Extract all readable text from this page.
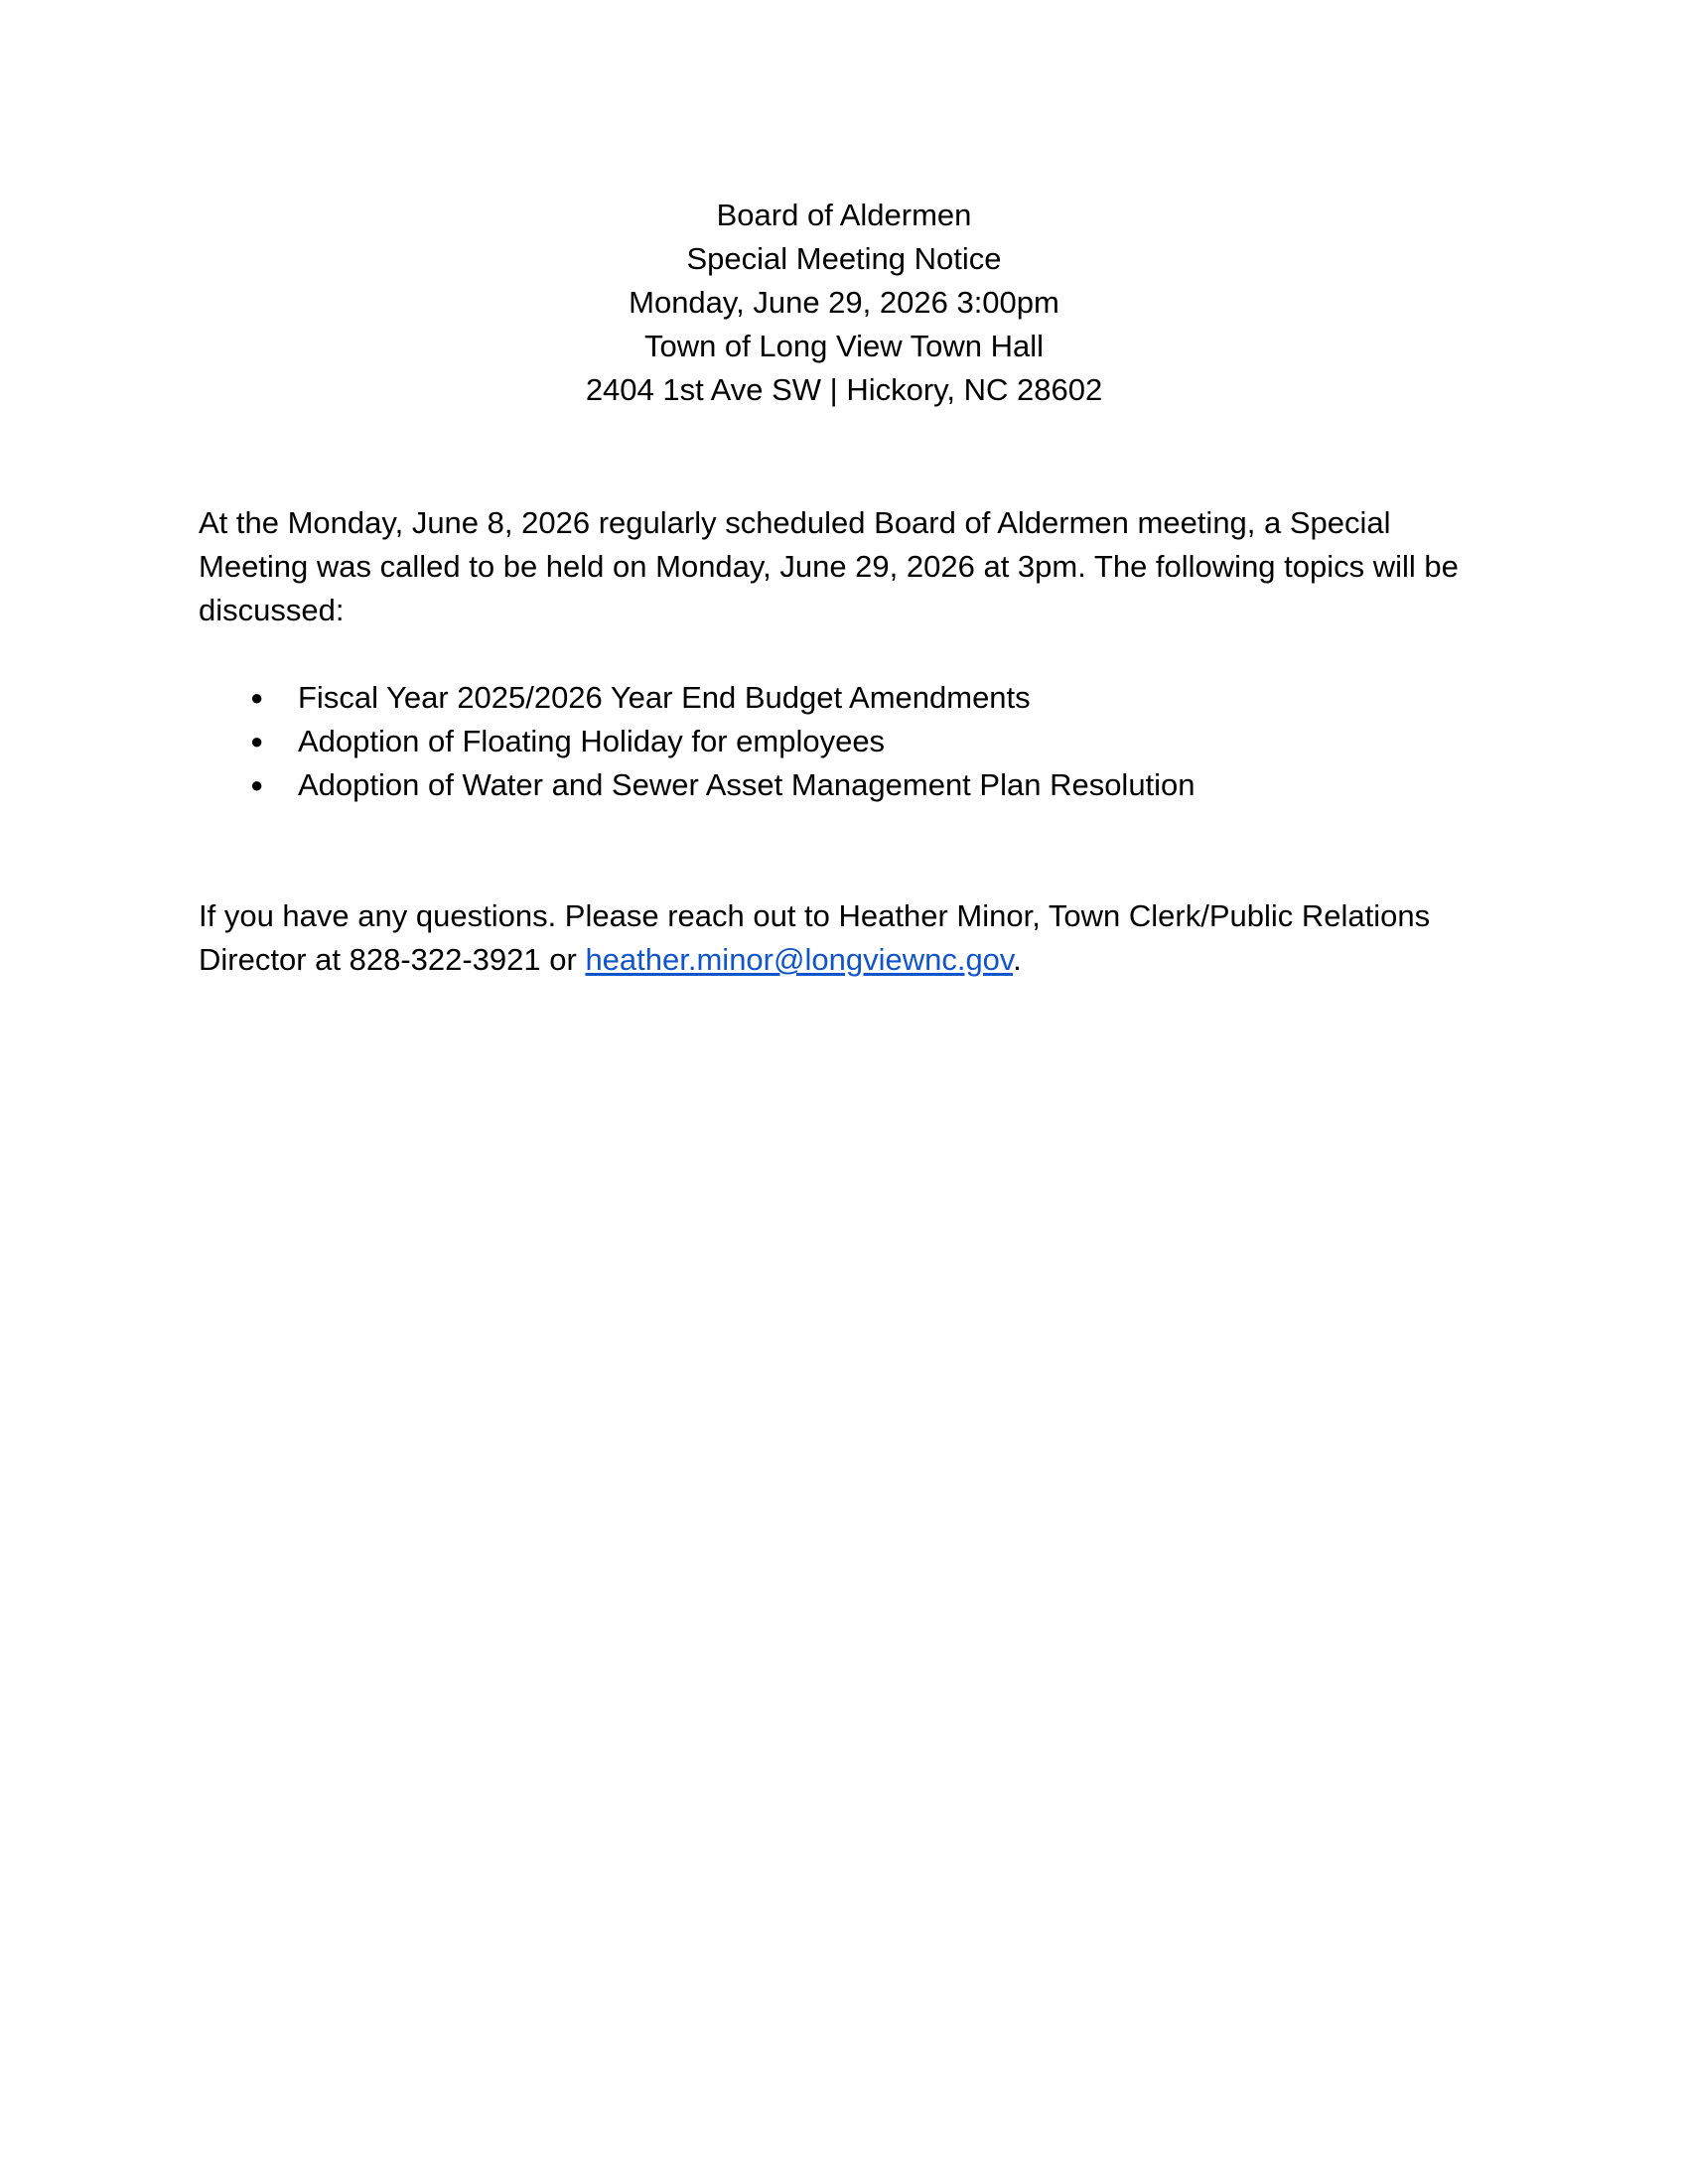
Board of Aldermen
Special Meeting Notice
Monday, June 29, 2026 3:00pm
Town of Long View Town Hall
2404 1st Ave SW | Hickory, NC 28602
At the Monday, June 8, 2026 regularly scheduled Board of Aldermen meeting, a Special Meeting was called to be held on Monday, June 29, 2026 at 3pm. The following topics will be discussed:
● Fiscal Year 2025/2026 Year End Budget Amendments
● Adoption of Floating Holiday for employees
● Adoption of Water and Sewer Asset Management Plan Resolution
If you have any questions. Please reach out to Heather Minor, Town Clerk/Public Relations Director at 828-322-3921 or heather.minor@longviewnc.gov.
